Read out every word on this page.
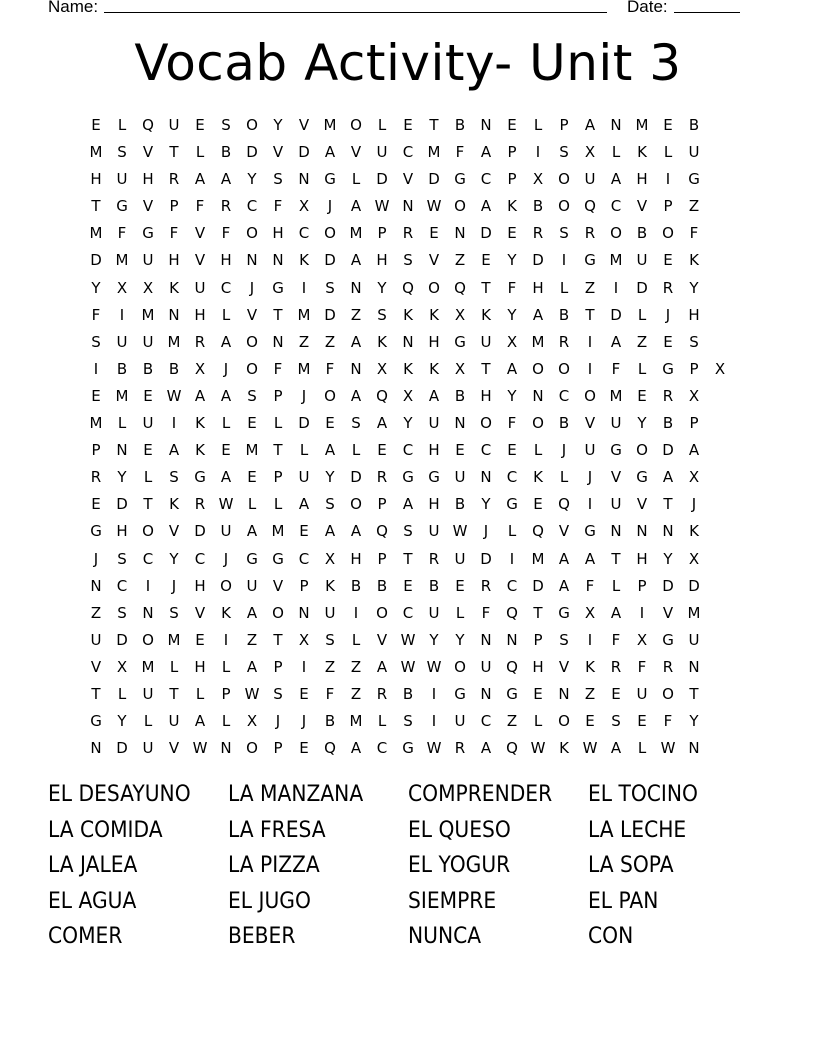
Name:	Date:
Vocab Activity- Unit 3
E	L	Q U	E	S	O	Y	V M O	L	E	T	B	N	E	L	P	A	N M E	B
M S	V	T	L	B	D	V	D	A	V	U	C M	F	A	P	I	S	X	L	K	L	U
H U H	R	A	A	Y	S	N G	L	D	V	D G C	P	X O U	A	H	I	G
T	G	V	P	F	R	C	F	X	J	A W N W O A	K	B O Q C	V	P	Z
M	F	G	F	V	F	O H	C O M	P	R	E	N D	E	R	S	R O B O	F
D M U H	V	H N N	K	D	A	H	S	V	Z	E	Y	D	I	G M U	E	K
Y	X	X	K	U	C	J	G	I	S	N	Y	Q O Q	T	F	H	L	Z	I	D	R	Y
F	I	M N H	L	V	T M D	Z	S	K	K	X	K	Y	A	B	T	D	L	J	H
S	U	U M R	A O N	Z	Z	A	K	N H G U	X M R	I	A	Z	E	S
I	B	B	B	X	J	O	F	M	F	N	X	K	K	X	T	A O O	I	F	L	G	P	X
E M E W A	A	S	P	J	O A Q X	A	B	H	Y	N	C O M E	R	X
M	L	U	I	K	L	E	L	D	E	S	A	Y	U N O	F	O B	V	U	Y	B	P
P	N	E	A	K	E M T	L	A	L	E	C	H	E	C	E	L	J	U G O D	A
R	Y	L	S	G	A	E	P	U	Y	D	R G G U N	C	K	L	J	V	G	A	X
E	D	T	K	R W L	L	A	S	O	P	A	H	B	Y	G	E	Q	I	U	V	T	J
G H O V	D U	A M E	A	A Q	S	U W	J	L	Q V	G N N N	K
J	S	C	Y	C	J	G G C	X	H	P	T	R	U D	I	M A	A	T	H	Y	X
N	C	I	J	H O U	V	P	K	B	B	E	B	E	R	C D	A	F	L	P	D D
Z	S	N	S	V	K	A O N U	I	O C	U	L	F	Q	T	G	X	A	I	V M
U D O M E	I	Z	T	X	S	L	V W Y	Y	N N	P	S	I	F	X	G U
V	X M	L	H	L	A	P	I	Z	Z	A W W O U Q H	V	K	R	F	R	N
T	L	U	T	L	P W S	E	F	Z	R	B	I	G N G	E	N	Z	E	U O	T
G	Y	L	U	A	L	X	J	J	B M	L	S	I	U	C	Z	L	O	E	S	E	F	Y
N D U	V W N O	P	E	Q A	C G W R	A Q W K W A	L W N
EL DESAYUNO	LA MANZANA	COMPRENDER	EL TOCINO
LA COMIDA	LA FRESA	EL QUESO	LA LECHE
LA JALEA	LA PIZZA	EL YOGUR	LA SOPA
EL AGUA	EL JUGO	SIEMPRE	EL PAN
COMER	BEBER	NUNCA	CON
